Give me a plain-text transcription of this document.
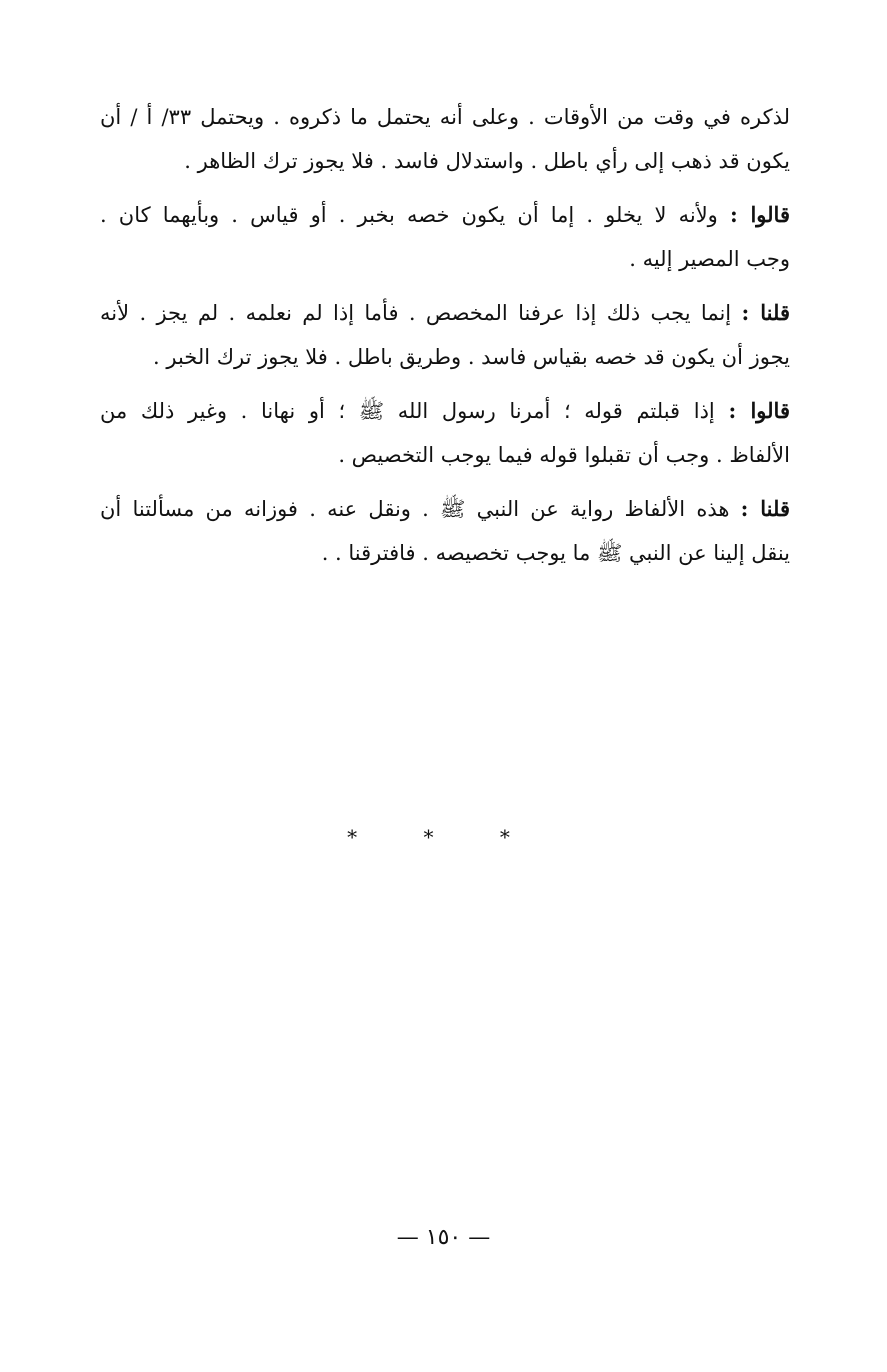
لذكره في وقت من الأوقات . وعلى أنه يحتمل ما ذكروه . ويحتمل ٣٣/ أ / أن
يكون قد ذهب إلى رأي باطل . واستدلال فاسد . فلا يجوز ترك الظاهر .

قالوا : ولأنه لا يخلو . إما أن يكون خصه بخبر . أو قياس . وبأيهما كان .
وجب المصير إليه .

قلنا : إنما يجب ذلك إذا عرفنا المخصص . فأما إذا لم نعلمه . لم يجز . لأنه
يجوز أن يكون قد خصه بقياس فاسد . وطريق باطل . فلا يجوز ترك الخبر .

قالوا : إذا قبلتم قوله ؛ أمرنا رسول الله ﷺ ؛ أو نهانا . وغير ذلك من
الألفاظ . وجب أن تقبلوا قوله فيما يوجب التخصيص .

قلنا : هذه الألفاظ رواية عن النبي ﷺ . ونقل عنه . فوزانه من مسألتنا أن
ينقل إلينا عن النبي ﷺ ما يوجب تخصيصه . فافترقنا . .

* * *
— ١٥٠ —
